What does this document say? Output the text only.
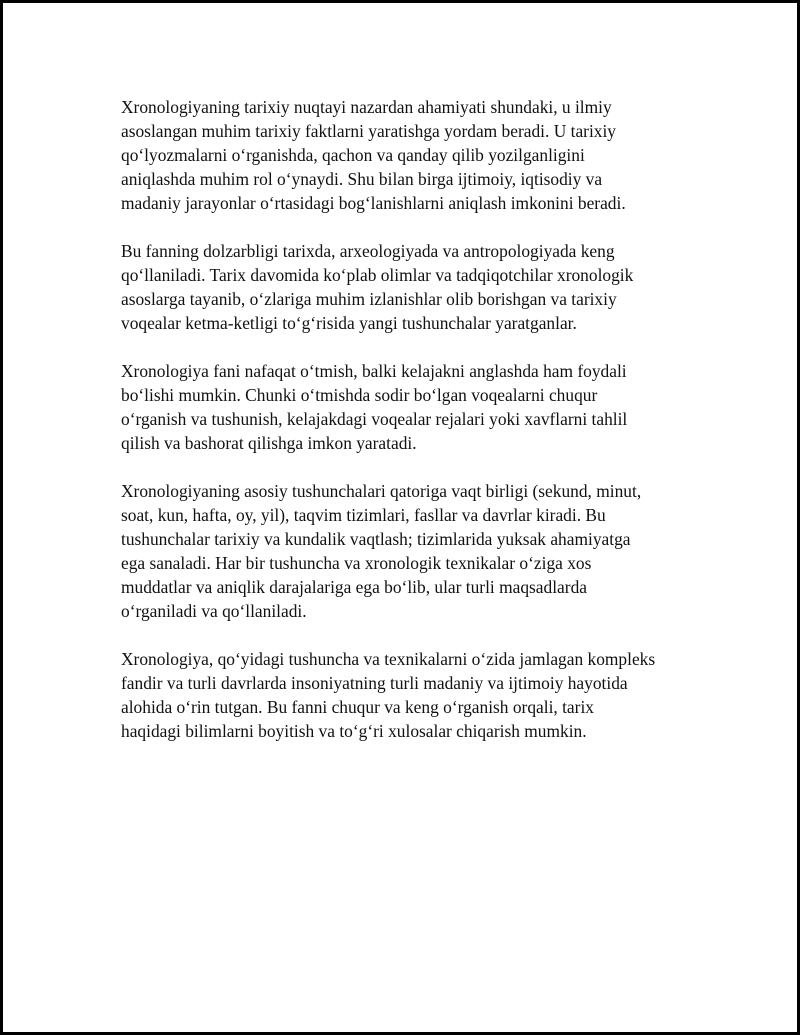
Xronologiyaning tarixiy nuqtayi nazardan ahamiyati shundaki, u ilmiy
asoslangan muhim tarixiy faktlarni yaratishga yordam beradi. U tarixiy
qo‘lyozmalarni o‘rganishda, qachon va qanday qilib yozilganligini
aniqlashda muhim rol o‘ynaydi. Shu bilan birga ijtimoiy, iqtisodiy va
madaniy jarayonlar o‘rtasidagi bog‘lanishlarni aniqlash imkonini beradi.

Bu fanning dolzarbligi tarixda, arxeologiyada va antropologiyada keng
qo‘llaniladi. Tarix davomida ko‘plab olimlar va tadqiqotchilar xronologik
asoslarga tayanib, o‘zlariga muhim izlanishlar olib borishgan va tarixiy
voqealar ketma-ketligi to‘g‘risida yangi tushunchalar yaratganlar.

Xronologiya fani nafaqat o‘tmish, balki kelajakni anglashda ham foydali
bo‘lishi mumkin. Chunki o‘tmishda sodir bo‘lgan voqealarni chuqur
o‘rganish va tushunish, kelajakdagi voqealar rejalari yoki xavflarni tahlil
qilish va bashorat qilishga imkon yaratadi.

Xronologiyaning asosiy tushunchalari qatoriga vaqt birligi (sekund, minut,
soat, kun, hafta, oy, yil), taqvim tizimlari, fasllar va davrlar kiradi. Bu
tushunchalar tarixiy va kundalik vaqtlash; tizimlarida yuksak ahamiyatga
ega sanaladi. Har bir tushuncha va xronologik texnikalar o‘ziga xos
muddatlar va aniqlik darajalariga ega bo‘lib, ular turli maqsadlarda
o‘rganiladi va qo‘llaniladi.

Xronologiya, qo‘yidagi tushuncha va texnikalarni o‘zida jamlagan kompleks
fandir va turli davrlarda insoniyatning turli madaniy va ijtimoiy hayotida
alohida o‘rin tutgan. Bu fanni chuqur va keng o‘rganish orqali, tarix
haqidagi bilimlarni boyitish va to‘g‘ri xulosalar chiqarish mumkin.
